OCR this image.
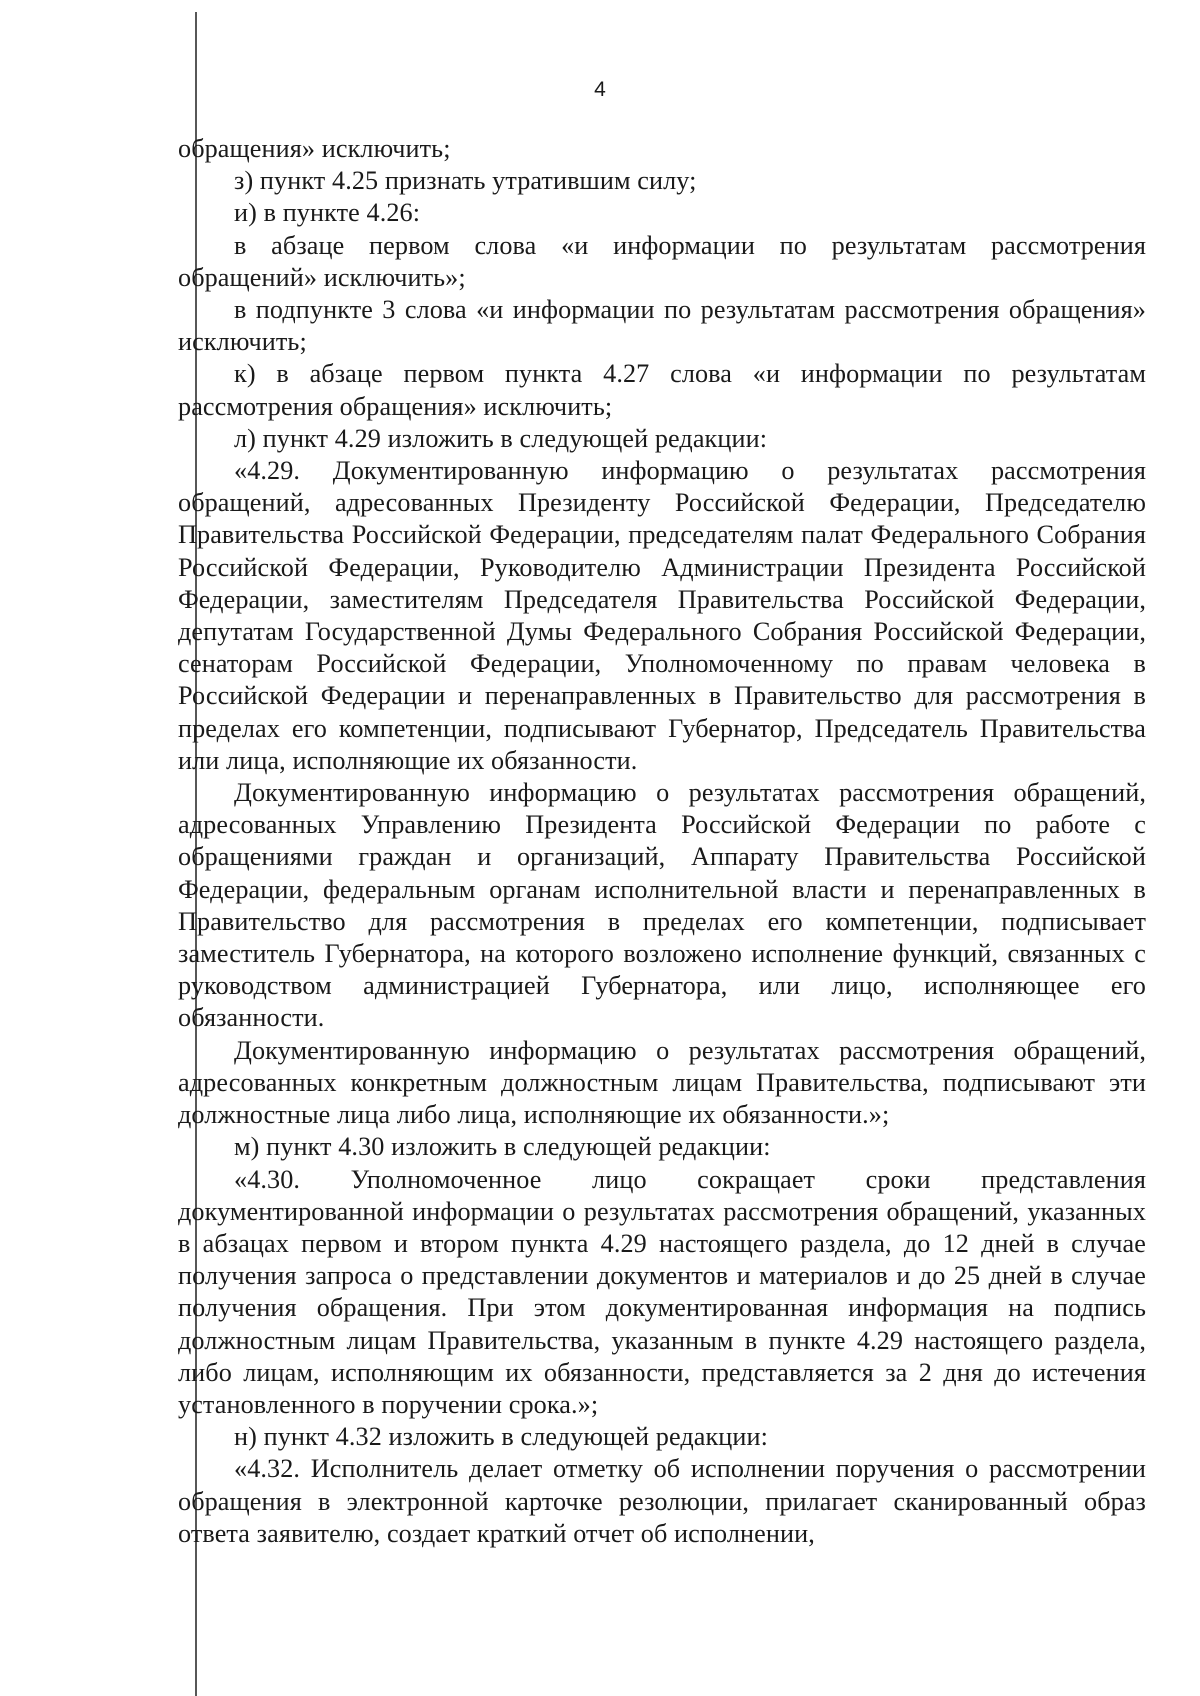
4

обращения» исключить;

з) пункт 4.25 признать утратившим силу;

и) в пункте 4.26:

в абзаце первом слова «и информации по результатам рассмотрения обращений» исключить»;

в подпункте 3 слова «и информации по результатам рассмотрения обращения» исключить;

к) в абзаце первом пункта 4.27 слова «и информации по результатам рассмотрения обращения» исключить;

л) пункт 4.29 изложить в следующей редакции:

«4.29. Документированную информацию о результатах рассмотрения обращений, адресованных Президенту Российской Федерации, Председателю Правительства Российской Федерации, председателям палат Федерального Собрания Российской Федерации, Руководителю Администрации Президента Российской Федерации, заместителям Председателя Правительства Российской Федерации, депутатам Государственной Думы Федерального Собрания Российской Федерации, сенаторам Российской Федерации, Уполномоченному по правам человека в Российской Федерации и перенаправленных в Правительство для рассмотрения в пределах его компетенции, подписывают Губернатор, Председатель Правительства или лица, исполняющие их обязанности.

Документированную информацию о результатах рассмотрения обращений, адресованных Управлению Президента Российской Федерации по работе с обращениями граждан и организаций, Аппарату Правительства Российской Федерации, федеральным органам исполнительной власти и перенаправленных в Правительство для рассмотрения в пределах его компетенции, подписывает заместитель Губернатора, на которого возложено исполнение функций, связанных с руководством администрацией Губернатора, или лицо, исполняющее его обязанности.

Документированную информацию о результатах рассмотрения обращений, адресованных конкретным должностным лицам Правительства, подписывают эти должностные лица либо лица, исполняющие их обязанности.»;

м) пункт 4.30 изложить в следующей редакции:

«4.30. Уполномоченное лицо сокращает сроки представления документированной информации о результатах рассмотрения обращений, указанных в абзацах первом и втором пункта 4.29 настоящего раздела, до 12 дней в случае получения запроса о представлении документов и материалов и до 25 дней в случае получения обращения. При этом документированная информация на подпись должностным лицам Правительства, указанным в пункте 4.29 настоящего раздела, либо лицам, исполняющим их обязанности, представляется за 2 дня до истечения установленного в поручении срока.»;

н) пункт 4.32 изложить в следующей редакции:

«4.32. Исполнитель делает отметку об исполнении поручения о рассмотрении обращения в электронной карточке резолюции, прилагает сканированный образ ответа заявителю, создает краткий отчет об исполнении,
